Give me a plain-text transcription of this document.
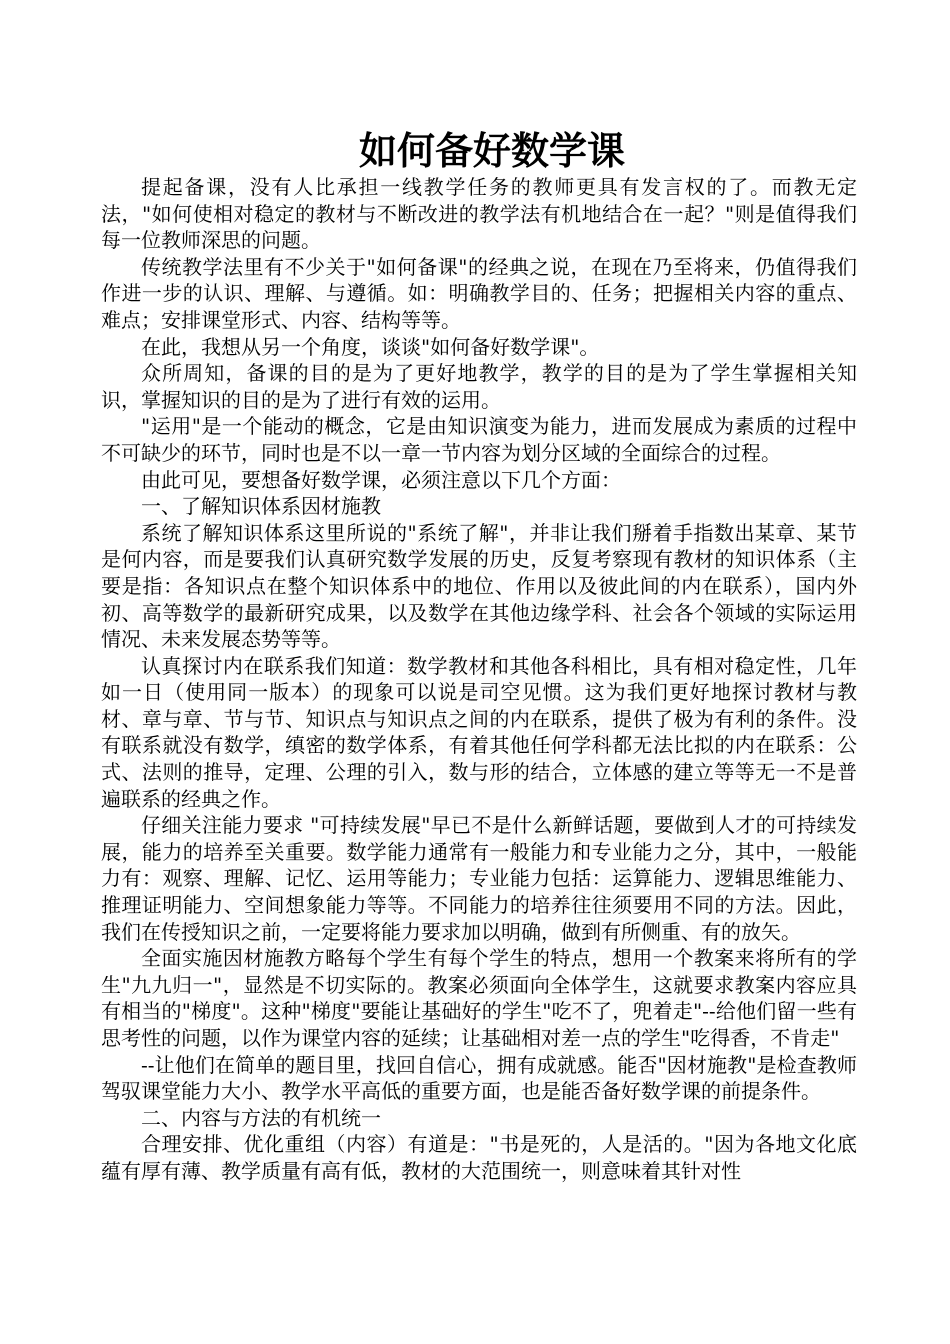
如何备好数学课

提起备课，没有人比承担一线教学任务的教师更具有发言权的了。而教无定法，"如何使相对稳定的教材与不断改进的教学法有机地结合在一起？"则是值得我们每一位教师深思的问题。

传统教学法里有不少关于"如何备课"的经典之说，在现在乃至将来，仍值得我们作进一步的认识、理解、与遵循。如：明确教学目的、任务；把握相关内容的重点、难点；安排课堂形式、内容、结构等等。

在此，我想从另一个角度，谈谈"如何备好数学课"。

众所周知，备课的目的是为了更好地教学，教学的目的是为了学生掌握相关知识，掌握知识的目的是为了进行有效的运用。

"运用"是一个能动的概念，它是由知识演变为能力，进而发展成为素质的过程中不可缺少的环节，同时也是不以一章一节内容为划分区域的全面综合的过程。

由此可见，要想备好数学课，必须注意以下几个方面：

一、了解知识体系因材施教

系统了解知识体系这里所说的"系统了解"，并非让我们掰着手指数出某章、某节是何内容，而是要我们认真研究数学发展的历史，反复考察现有教材的知识体系（主要是指：各知识点在整个知识体系中的地位、作用以及彼此间的内在联系），国内外初、高等数学的最新研究成果，以及数学在其他边缘学科、社会各个领域的实际运用情况、未来发展态势等等。

认真探讨内在联系我们知道：数学教材和其他各科相比，具有相对稳定性，几年如一日（使用同一版本）的现象可以说是司空见惯。这为我们更好地探讨教材与教材、章与章、节与节、知识点与知识点之间的内在联系，提供了极为有利的条件。没有联系就没有数学，缜密的数学体系，有着其他任何学科都无法比拟的内在联系：公式、法则的推导，定理、公理的引入，数与形的结合，立体感的建立等等无一不是普遍联系的经典之作。

仔细关注能力要求 "可持续发展"早已不是什么新鲜话题，要做到人才的可持续发展，能力的培养至关重要。数学能力通常有一般能力和专业能力之分，其中，一般能力有：观察、理解、记忆、运用等能力；专业能力包括：运算能力、逻辑思维能力、推理证明能力、空间想象能力等等。不同能力的培养往往须要用不同的方法。因此，我们在传授知识之前，一定要将能力要求加以明确，做到有所侧重、有的放矢。

全面实施因材施教方略每个学生有每个学生的特点，想用一个教案来将所有的学生"九九归一"，显然是不切实际的。教案必须面向全体学生，这就要求教案内容应具有相当的"梯度"。这种"梯度"要能让基础好的学生"吃不了，兜着走"--给他们留一些有思考性的问题，以作为课堂内容的延续；让基础相对差一点的学生"吃得香，不肯走"

--让他们在简单的题目里，找回自信心，拥有成就感。能否"因材施教"是检查教师驾驭课堂能力大小、教学水平高低的重要方面，也是能否备好数学课的前提条件。

二、内容与方法的有机统一

合理安排、优化重组（内容）有道是："书是死的，人是活的。"因为各地文化底蕴有厚有薄、教学质量有高有低，教材的大范围统一，则意味着其针对性
